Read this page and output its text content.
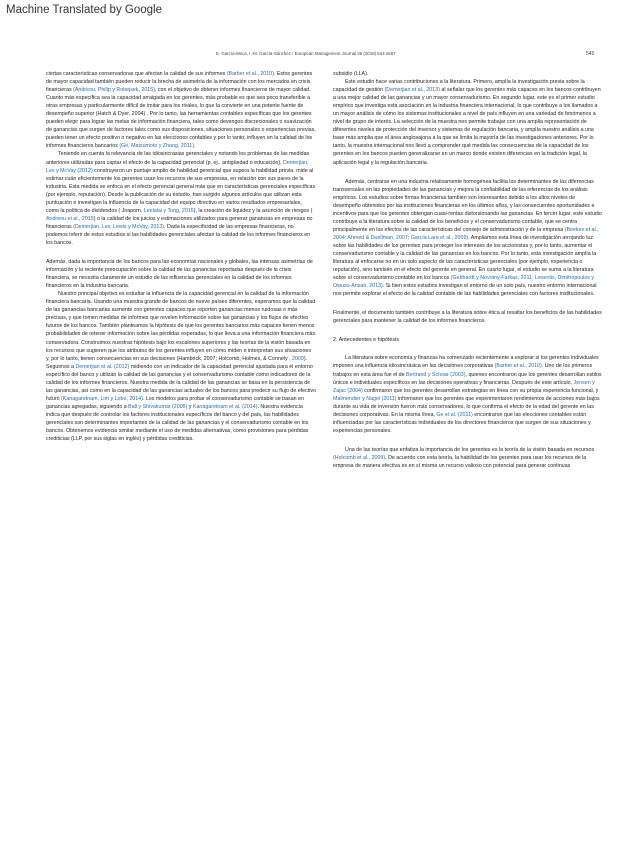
Machine Translated by Google
E. García-Meca, I.-M. García-Sánchez / European Management Journal 36 (2018) 544 e557	545

ciertas características conservadoras que afectan la calidad de sus informes (Barber et al., 2010). Estos gerentes de mayor capacidad también pueden reducir la brecha de asimetría de la información con los mercados en crisis financieras (Andreou, Philip y Robejsek, 2015), con el objetivo de obtener informes financieros de mayor calidad. Cuanto más específica sea la capacidad arraigada en los gerentes, más probable es que sea poco transferible a otras empresas y particularmente difícil de imitar para los rivales, lo que la convierte en una potente fuente de desempeño superior (Hatch & Dyer, 2004) . Por lo tanto, las herramientas contables específicas que los gerentes pueden elegir para lograr las metas de información financiera, tales como devengos discrecionales o suavización de ganancias que surgen de factores tales como sus disposiciones, situaciones personales o experiencias previas, pueden tener un efecto positivo o negativo en las elecciones contables y por lo tanto, influyen en la calidad de los informes financieros bancarios (Ge, Matsumoto y Zhang, 2011).

Teniendo en cuenta la relevancia de las idiosincrasias gerenciales y notando los problemas de las medidas anteriores utilizadas para captar el efecto de la capacidad gerencial (p. ej., antigüedad o educación), Demerjian, Lev y McVay (2012) construyeron un puntaje amplio de habilidad gerencial que supera la habilidad previa. mide al estimar cuán eficientemente los gerentes usan los recursos de sus empresas, en relación con sus pares de la industria. Esta medida se enfoca en el efecto gerencial general más que en características gerenciales específicas (por ejemplo, reputación). Desde la publicación de su estudio, han surgido algunos artículos que utilizan esta puntuación e investigan la influencia de la capacidad del equipo directivo en varios resultados empresariales, como la política de dividendos ( Jiraporn, Leelalai y Tong, 2015), la creación de liquidez y la asunción de riesgos ( Andreou et al., 2015) o la calidad de los juicios y estimaciones utilizados para generar ganancias en empresas no financieras (Demerjian, Lev, Lewis y McVay, 2013). Dada la especificidad de las empresas financieras, no podemos inferir de estos estudios si las habilidades gerenciales afectan la calidad de los informes financieros en los bancos.

Además, dada la importancia de los bancos para las economías nacionales y globales, las intensas asimetrías de información y la reciente preocupación sobre la calidad de las ganancias reportadas después de la crisis financiera, se necesita claramente un estudio de las influencias gerenciales en la calidad de los informes financieros en la industria bancaria.

Nuestro principal objetivo es estudiar la influencia de la capacidad gerencial en la calidad de la información financiera bancaria. Usando una muestra grande de bancos de nueve países diferentes, esperamos que la calidad de las ganancias bancarias aumente con gerentes capaces que reporten ganancias menos ruidosas o más precisas, y que tomen medidas de informes que revelen información sobre las ganancias y los flujos de efectivo futuros de los bancos. También planteamos la hipótesis de que los gerentes bancarios más capaces tienen menos probabilidades de retener información sobre las pérdidas esperadas, lo que lleva a una información financiera más conservadora. Construimos nuestras hipótesis bajo los escalones superiores y las teorías de la visión basada en los recursos que sugieren que los atributos de los gerentes influyen en cómo miden e interpretan sus situaciones y, por lo tanto, tienen consecuencias en sus decisiones (Hambrick, 2007; Holcomb, Holmes, & Connely , 2009).

Seguimos a Demerjian et al. (2012) midiendo con un indicador de la capacidad gerencial ajustada para el entorno específico del banco y utilizan la calidad de las ganancias y el conservadurismo contable como indicadores de la calidad de los informes financieros. Nuestra medida de la calidad de las ganancias se basa en la persistencia de las ganancias, así como en la capacidad de las ganancias actuales de los bancos para predecir su flujo de efectivo futuro (Kanagaretnam, Lim y Lobo, 2014). Los modelos para probar el conservadurismo contable se basan en ganancias agregadas, siguiendo a Ball y Shivakumar (2005) y Kanagaretnam et al. (2014). Nuestra evidencia indica que después de controlar los factores institucionales específicos del banco y del país, las habilidades gerenciales son determinantes importantes de la calidad de las ganancias y el conservadurismo contable en los bancos. Obtenemos evidencia similar mediante el uso de medidas alternativas, como provisiones para pérdidas crediticias (LLP, por sus siglas en inglés) y pérdidas crediticias.

subsidio (LLA).

Este estudio hace varias contribuciones a la literatura. Primero, amplía la investigación previa sobre la capacidad de gestión (Demerjian et al., 2013) al señalar que los gerentes más capaces en los bancos contribuyen a una mejor calidad de las ganancias y un mayor conservadurismo. En segundo lugar, este es el primer estudio empírico que investiga esta asociación en la industria financiera internacional, lo que contribuye a los llamados a un mayor análisis de cómo los sistemas institucionales a nivel de país influyen en una variedad de fenómenos a nivel de grupo de interés. La selección de la muestra nos permite trabajar con una amplia representación de diferentes niveles de protección del inversor y sistemas de regulación bancaria, y amplía nuestro análisis a una base más amplia que el área anglosajona a la que se limita la mayoría de las investigaciones anteriores. Por lo tanto, la muestra internacional nos llevó a comprender qué medida las consecuencias de la capacidad de los gerentes en los bancos pueden generalizarse en un marco donde existen diferencias en la tradición legal, la aplicación legal y la regulación bancaria.

Además, centrarse en una industria relativamente homogénea facilita los determinantes de las diferencias transversales en las propiedades de las ganancias y mejora la confiabilidad de las inferencias de los análisis empíricos. Los estudios sobre firmas financieras también son interesantes debido a los altos niveles de desempeño obtenidos por las instituciones financieras en los últimos años, y las consecuentes oportunidades e incentivos para que los gerentes obtengan cuasi-rentas distorsionando las ganancias. En tercer lugar, este estudio contribuye a la literatura sobre la calidad de los beneficios y el conservadurismo contable, que se centra principalmente en los efectos de las características del consejo de administración y de la empresa (Beekes et al., 2004; Ahmed & Duellman, 2007; García Lara et al., 2009). Ampliamos esta línea de investigación arrojando luz sobre las habilidades de los gerentes para proteger los intereses de los accionistas y, por lo tanto, aumentar el conservadurismo contable y la calidad de las ganancias en los bancos. Por lo tanto, esta investigación amplía la literatura al enfocarse no en un solo aspecto de las características gerenciales (por ejemplo, experiencia o reputación), sino también en el efecto del gerente en general. En cuarto lugar, el estudio se suma a la literatura sobre el conservadurismo contable en los bancos (Gebhardt y Novotny-Farkas, 2011; Leventis, Dimitropoulos y Owusu-Ansah, 2013). Si bien estos estudios investigan el entorno de un solo país, nuestro entorno internacional nos permite explorar el efecto de la calidad contable de las habilidades gerenciales con factores institucionales.

Finalmente, el documento también contribuye a la literatura sobre ética al resaltar los beneficios de las habilidades gerenciales para mantener la calidad de los informes financieros.

2. Antecedentes e hipótesis

La literatura sobre economía y finanzas ha comenzado recientemente a explorar si los gerentes individuales imponen una influencia idiosincrásica en las decisiones corporativas (Barber et al., 2010). Uno de los primeros trabajos en esta área fue el de Bertrand y Schoar (2003), quienes encontraron que los gerentes desarrollan estilos únicos e individuales específicos en las decisiones operativas y financieras. Después de este artículo, Jensen y Zajac (2004) confirmaron que los gerentes desarrollan estrategias en línea con su propia experiencia funcional, y Malmendier y Nagel (2011) informaron que los gerentes que experimentaron rendimientos de acciones más bajos durante su vida de inversión fueron más conservadores, lo que confirma el efecto de la edad del gerente en las decisiones corporativas. En la misma línea, Ge et al. (2011) encontraron que las elecciones contables están influenciadas por las características individuales de los directores financieros que surgen de sus situaciones y experiencias personales.

Una de las teorías que enfatiza la importancia de los gerentes es la teoría de la visión basada en recursos (Holcomb et al., 2009). De acuerdo con esta teoría, la habilidad de los gerentes para usar los recursos de la empresa de manera efectiva es en sí misma un recurso valioso con potencial para generar continuas
